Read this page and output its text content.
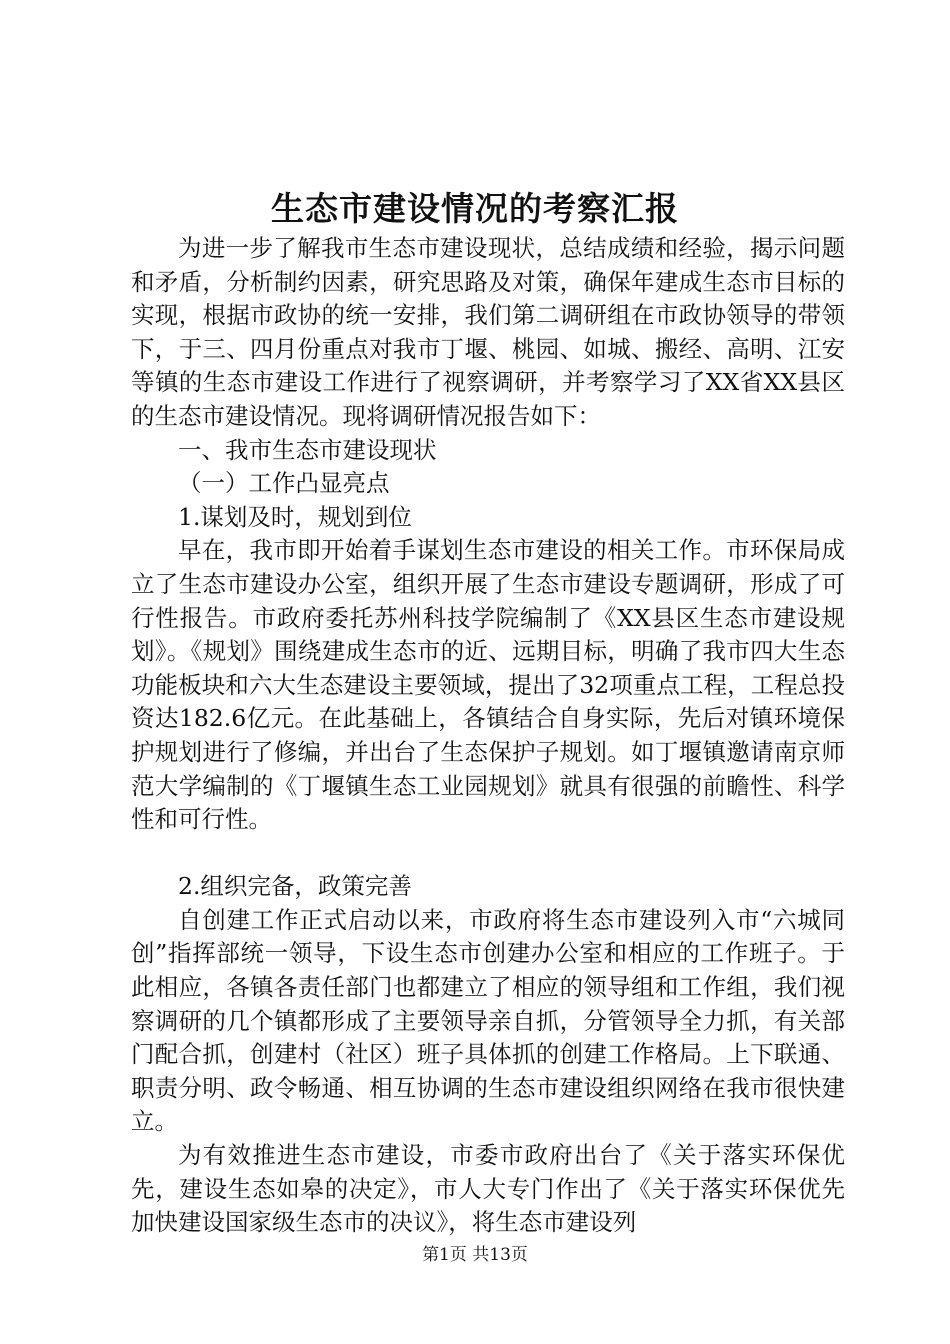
生态市建设情况的考察汇报

为进一步了解我市生态市建设现状，总结成绩和经验，揭示问题和矛盾，分析制约因素，研究思路及对策，确保年建成生态市目标的实现，根据市政协的统一安排，我们第二调研组在市政协领导的带领下，于三、四月份重点对我市丁堰、桃园、如城、搬经、高明、江安等镇的生态市建设工作进行了视察调研，并考察学习了XX省XX县区的生态市建设情况。现将调研情况报告如下：

一、我市生态市建设现状

（一）工作凸显亮点

1.谋划及时，规划到位

早在，我市即开始着手谋划生态市建设的相关工作。市环保局成立了生态市建设办公室，组织开展了生态市建设专题调研，形成了可行性报告。市政府委托苏州科技学院编制了《XX县区生态市建设规划》。《规划》围绕建成生态市的近、远期目标，明确了我市四大生态功能板块和六大生态建设主要领域，提出了32项重点工程，工程总投资达182.6亿元。在此基础上，各镇结合自身实际，先后对镇环境保护规划进行了修编，并出台了生态保护子规划。如丁堰镇邀请南京师范大学编制的《丁堰镇生态工业园规划》就具有很强的前瞻性、科学性和可行性。

2.组织完备，政策完善

自创建工作正式启动以来，市政府将生态市建设列入市“六城同创”指挥部统一领导，下设生态市创建办公室和相应的工作班子。于此相应，各镇各责任部门也都建立了相应的领导组和工作组，我们视察调研的几个镇都形成了主要领导亲自抓，分管领导全力抓，有关部门配合抓，创建村（社区）班子具体抓的创建工作格局。上下联通、职责分明、政令畅通、相互协调的生态市建设组织网络在我市很快建立。

为有效推进生态市建设，市委市政府出台了《关于落实环保优先，建设生态如皋的决定》，市人大专门作出了《关于落实环保优先加快建设国家级生态市的决议》，将生态市建设列

第1页 共13页
